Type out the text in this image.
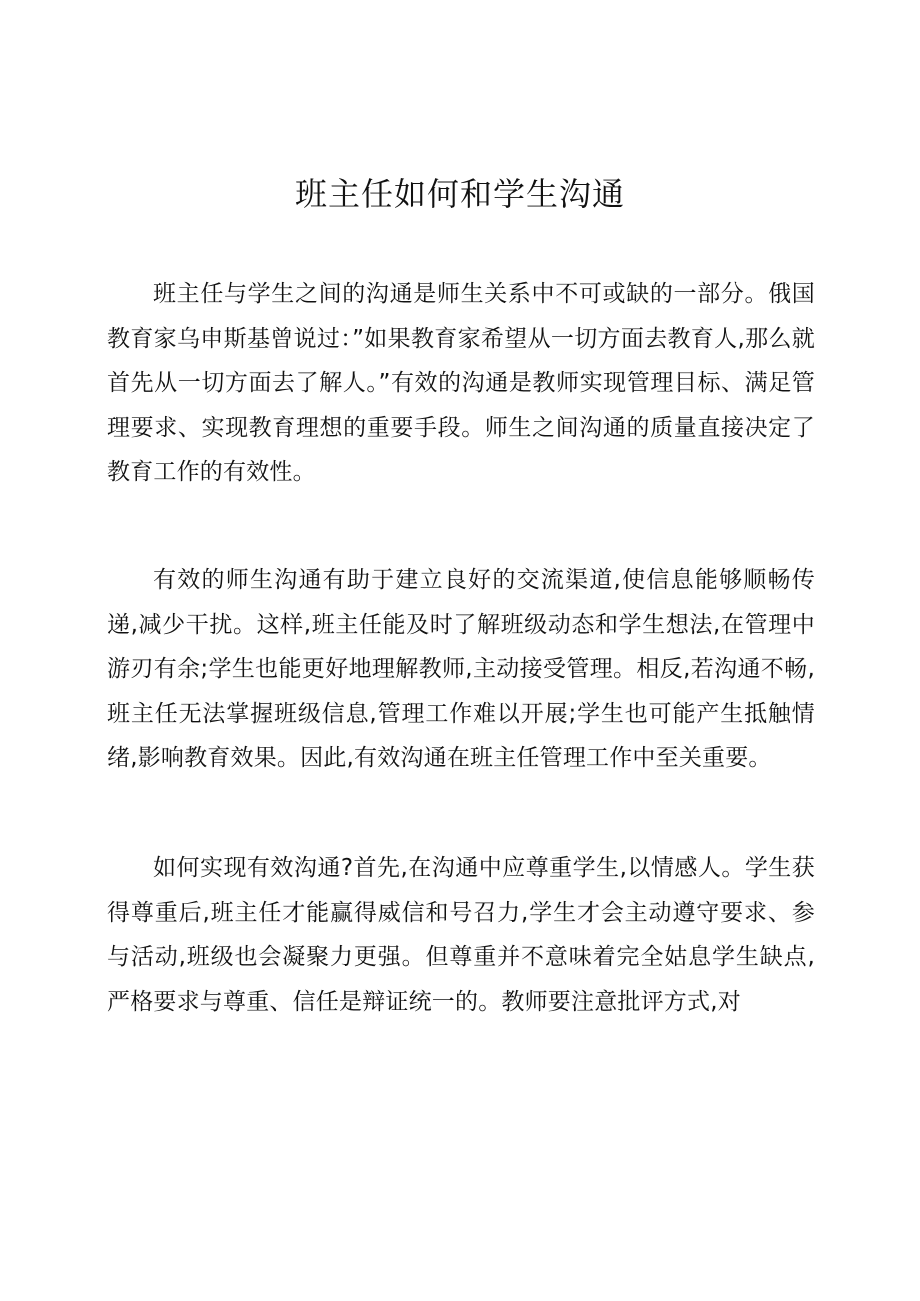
班主任如何和学生沟通

班主任与学生之间的沟通是师生关系中不可或缺的一部分。俄国教育家乌申斯基曾说过：”如果教育家希望从一切方面去教育人,那么就首先从一切方面去了解人。”有效的沟通是教师实现管理目标、满足管理要求、实现教育理想的重要手段。师生之间沟通的质量直接决定了教育工作的有效性。

有效的师生沟通有助于建立良好的交流渠道,使信息能够顺畅传递,减少干扰。这样,班主任能及时了解班级动态和学生想法,在管理中游刃有余;学生也能更好地理解教师,主动接受管理。相反,若沟通不畅,班主任无法掌握班级信息,管理工作难以开展;学生也可能产生抵触情绪,影响教育效果。因此,有效沟通在班主任管理工作中至关重要。

如何实现有效沟通?首先,在沟通中应尊重学生,以情感人。学生获得尊重后,班主任才能赢得威信和号召力,学生才会主动遵守要求、参与活动,班级也会凝聚力更强。但尊重并不意味着完全姑息学生缺点,严格要求与尊重、信任是辩证统一的。教师要注意批评方式,对
